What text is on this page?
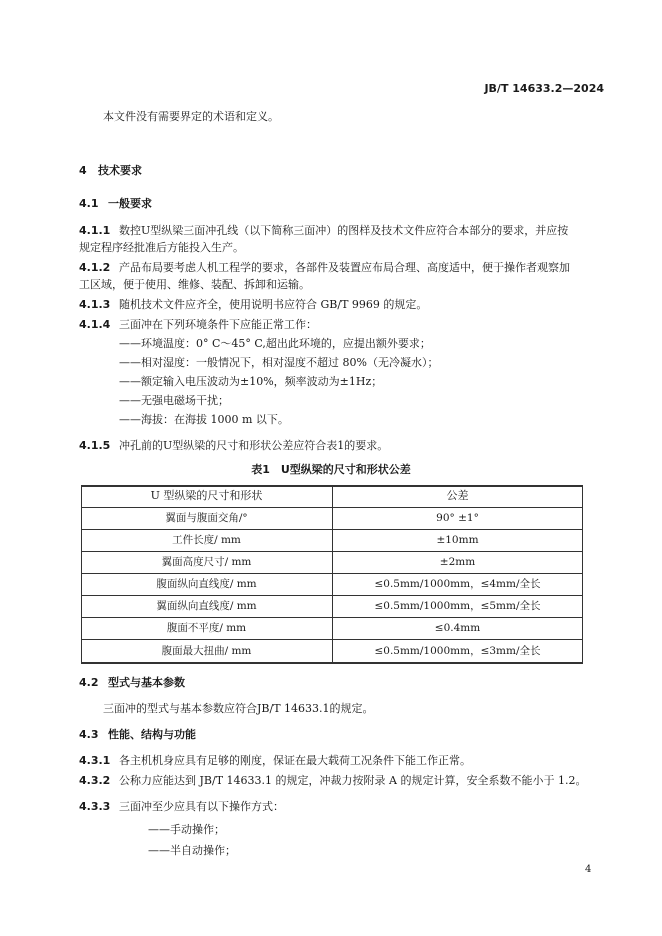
JB/T 14633.2—2024
本文件没有需要界定的术语和定义。
4 技术要求
4.1 一般要求
4.1.1 数控U型纵梁三面冲孔线（以下简称三面冲）的图样及技术文件应符合本部分的要求，并应按
规定程序经批准后方能投入生产。
4.1.2 产品布局要考虑人机工程学的要求，各部件及装置应布局合理、高度适中，便于操作者观察加
工区域，便于使用、维修、装配、拆卸和运输。
4.1.3 随机技术文件应齐全，使用说明书应符合 GB/T 9969 的规定。
4.1.4 三面冲在下列环境条件下应能正常工作：
——环境温度：0° C～45° C,超出此环境的，应提出额外要求；
——相对湿度：一般情况下，相对湿度不超过 80%（无冷凝水）；
——额定输入电压波动为±10%，频率波动为±1Hz；
——无强电磁场干扰；
——海拔：在海拔 1000 m 以下。
4.1.5 冲孔前的U型纵梁的尺寸和形状公差应符合表1的要求。
表1　U型纵梁的尺寸和形状公差
U 型纵梁的尺寸和形状	公差
翼面与腹面交角/°	90° ±1°
工件长度/ mm	±10mm
翼面高度尺寸/ mm	±2mm
腹面纵向直线度/ mm	≤0.5mm/1000mm，≤4mm/全长
翼面纵向直线度/ mm	≤0.5mm/1000mm，≤5mm/全长
腹面不平度/ mm	≤0.4mm
腹面最大扭曲/ mm	≤0.5mm/1000mm，≤3mm/全长
4.2 型式与基本参数
三面冲的型式与基本参数应符合JB/T 14633.1的规定。
4.3 性能、结构与功能
4.3.1 各主机机身应具有足够的刚度，保证在最大载荷工况条件下能工作正常。
4.3.2 公称力应能达到 JB/T 14633.1 的规定，冲裁力按附录 A 的规定计算，安全系数不能小于 1.2。
4.3.3 三面冲至少应具有以下操作方式：
——手动操作；
——半自动操作；
4
